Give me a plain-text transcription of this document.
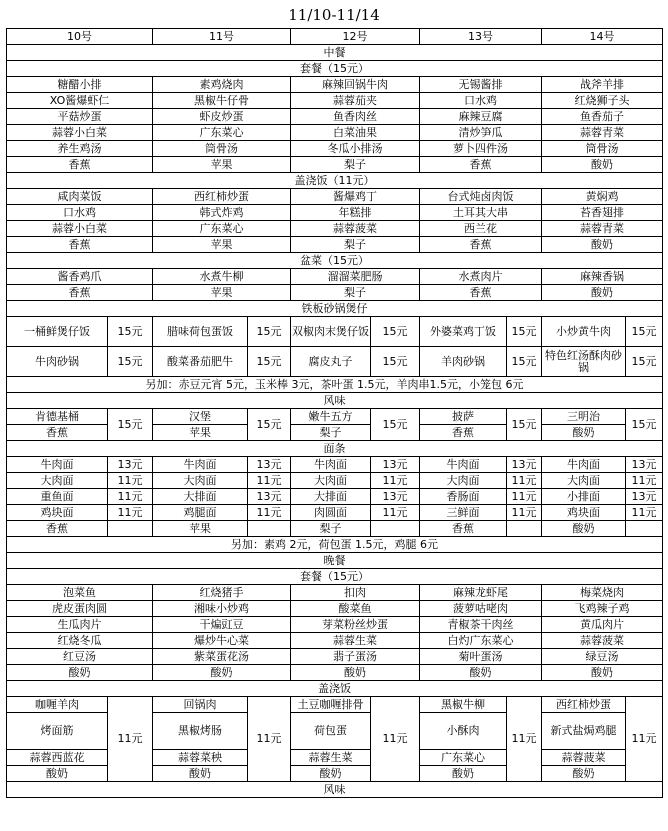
11/10-11/14
10号		11号		12号		13号		14号	
中餐									
套餐（15元）									
糖醋小排		素鸡烧肉		麻辣回锅牛肉		无锡酱排		战斧羊排	
XO酱爆虾仁		黑椒牛仔骨		蒜蓉茄夹		口水鸡		红烧狮子头	
平菇炒蛋		虾皮炒蛋		鱼香肉丝		麻辣豆腐		鱼香茄子	
蒜蓉小白菜		广东菜心		白菜油果		清炒笋瓜		蒜蓉青菜	
养生鸡汤		筒骨汤		冬瓜小排汤		萝卜四件汤		筒骨汤	
香蕉		苹果		梨子		香蕉		酸奶	
盖浇饭（11元）									
咸肉菜饭		西红柿炒蛋		酱爆鸡丁		台式炖卤肉饭		黄焖鸡	
口水鸡		韩式炸鸡		年糕排		土耳其大串		苔香翅排	
蒜蓉小白菜		广东菜心		蒜蓉菠菜		西兰花		蒜蓉青菜	
香蕉		苹果		梨子		香蕉		酸奶	
盆菜（15元）									
酱香鸡爪		水煮牛柳		溜溜菜肥肠		水煮肉片		麻辣香锅	
香蕉		苹果		梨子		香蕉		酸奶	
铁板砂锅煲仔									
一桶鲜煲仔饭	15元	腊味荷包蛋饭	15元	双椒肉末煲仔饭	15元	外婆菜鸡丁饭	15元	小炒黄牛肉	15元
牛肉砂锅	15元	酸菜番茄肥牛	15元	腐皮丸子	15元	羊肉砂锅	15元	特色红汤酥肉砂锅	15元
另加：赤豆元宵 5元，玉米棒 3元，茶叶蛋 1.5元，羊肉串1.5元，小笼包 6元									
风味									
肯德基桶	15元	汉堡	15元	嫩牛五方	15元	披萨	15元	三明治	15元
香蕉		苹果		梨子		香蕉		酸奶	
面条									
牛肉面	13元	牛肉面	13元	牛肉面	13元	牛肉面	13元	牛肉面	13元
大肉面	11元	大肉面	11元	大肉面	11元	大肉面	11元	大肉面	11元
重鱼面	11元	大排面	13元	大排面	13元	香肠面	11元	小排面	13元
鸡块面	11元	鸡腿面	11元	肉圆面	11元	三鲜面	11元	鸡块面	11元
香蕉		苹果		梨子		香蕉		酸奶	
另加：素鸡 2元，荷包蛋 1.5元，鸡腿 6元									
晚餐									
套餐（15元）									
泡菜鱼		红烧猪手		扣肉		麻辣龙虾尾		梅菜烧肉	
虎皮蛋肉圆		湘味小炒鸡		酸菜鱼		菠萝咕咾肉		飞鸡辣子鸡	
生瓜肉片		干煸豇豆		芽菜粉丝炒蛋		青椒茶干肉丝		黄瓜肉片	
红烧冬瓜		爆炒牛心菜		蒜蓉生菜		白灼广东菜心		蒜蓉菠菜	
红豆汤		紫菜蛋花汤		翡子蛋汤		菊叶蛋汤		绿豆汤	
酸奶		酸奶		酸奶		酸奶		酸奶	
盖浇饭									
咖喱羊肉	11元	回锅肉	11元	土豆咖喱排骨	11元	黑椒牛柳	11元	西红柿炒蛋	11元
烤面筋		黑椒烤肠		荷包蛋		小酥肉		新式盐焗鸡腿	
蒜蓉西蓝花		蒜蓉菜秧		蒜蓉生菜		广东菜心		蒜蓉菠菜	
酸奶		酸奶		酸奶		酸奶		酸奶	
风味									
